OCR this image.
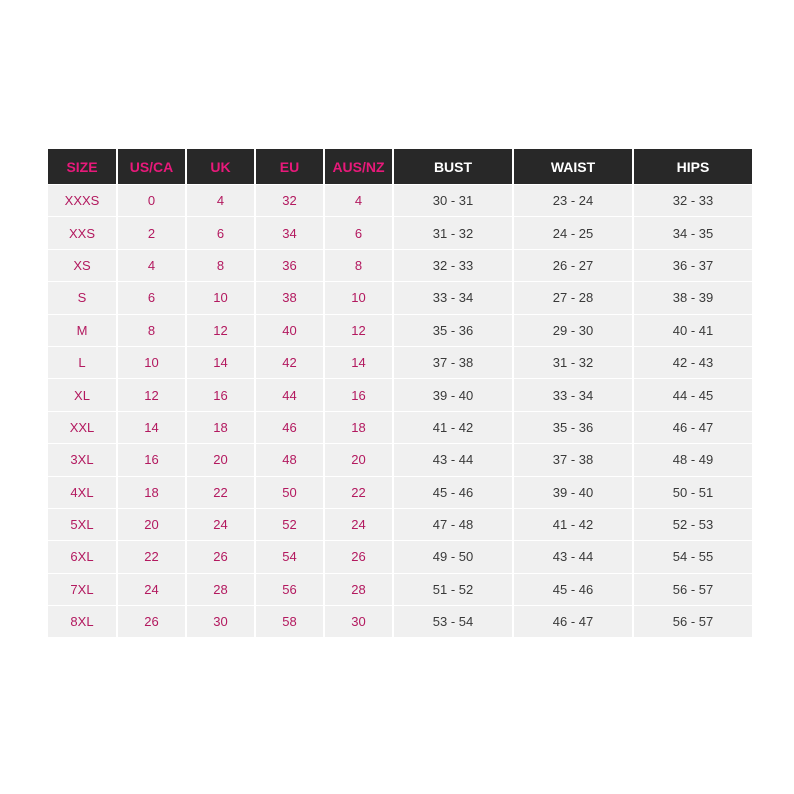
SIZE	US/CA	UK	EU	AUS/NZ	BUST	WAIST	HIPS
XXXS	0	4	32	4	30 - 31	23 - 24	32 - 33
XXS	2	6	34	6	31 - 32	24 - 25	34 - 35
XS	4	8	36	8	32 - 33	26 - 27	36 - 37
S	6	10	38	10	33 - 34	27 - 28	38 - 39
M	8	12	40	12	35 - 36	29 - 30	40 - 41
L	10	14	42	14	37 - 38	31 - 32	42 - 43
XL	12	16	44	16	39 - 40	33 - 34	44 - 45
XXL	14	18	46	18	41 - 42	35 - 36	46 - 47
3XL	16	20	48	20	43 - 44	37 - 38	48 - 49
4XL	18	22	50	22	45 - 46	39 - 40	50 - 51
5XL	20	24	52	24	47 - 48	41 - 42	52 - 53
6XL	22	26	54	26	49 - 50	43 - 44	54 - 55
7XL	24	28	56	28	51 - 52	45 - 46	56 - 57
8XL	26	30	58	30	53 - 54	46 - 47	56 - 57
